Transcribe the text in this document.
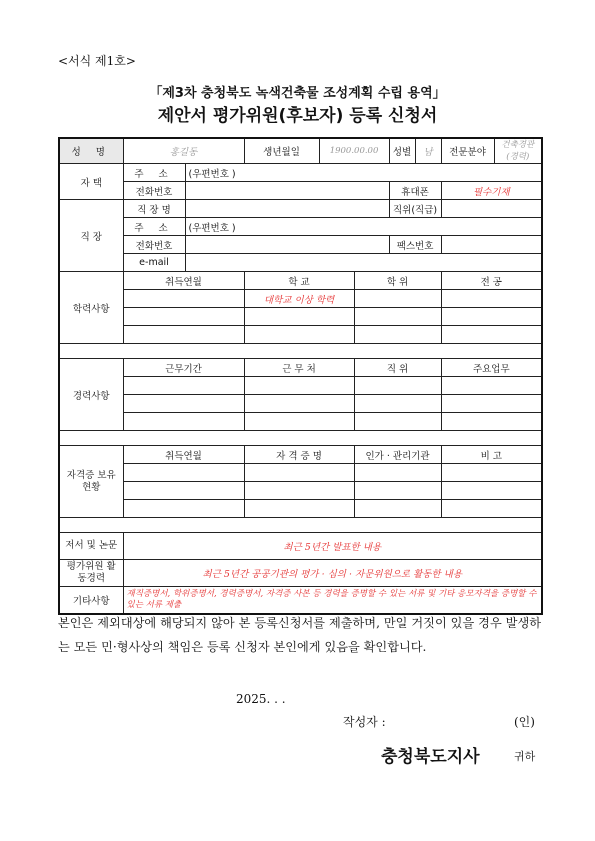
<서식 제1호>
「제3차 충청북도 녹색건축물 조성계획 수립 용역」
제안서 평가위원(후보자) 등록 신청서
성 명	홍길동		생년월일	1900.00.00		성별	남	전문분야	건축경관 (경력)
자 택	주 소	(우편번호 )							
	전화번호					휴대폰		필수기재	
직 장	직 장 명					직위(직급)			
	주 소	(우편번호 )							
	전화번호					팩스번호			
	e-mail								
학력사항	취득연월		학 교		학 위			전 공	
			대학교 이상 학력						

경력사항	근무기간		근 무 처		직 위			주요업무	

자격증 보유현황	취득연월		자 격 증 명		인가 · 관리기관			비 고	

저서 및 논문	최근 5년간 발표한 내용								
평가위원 활동경력	최근 5년간 공공기관의 평가 · 심의 · 자문위원으로 활동한 내용								
기타사항	재직증명서, 학위증명서, 경력증명서, 자격증 사본 등 경력을 증명할 수 있는 서류 및 기타 응모자격을 증명할 수 있는 서류 제출								
본인은 제외대상에 해당되지 않아 본 등록신청서를 제출하며, 만일 거짓이 있을 경우 발생하는 모든 민·형사상의 책임은 등록 신청자 본인에게 있음을 확인합니다.
2025. . .
작성자 :	(인)
충청북도지사	귀하
